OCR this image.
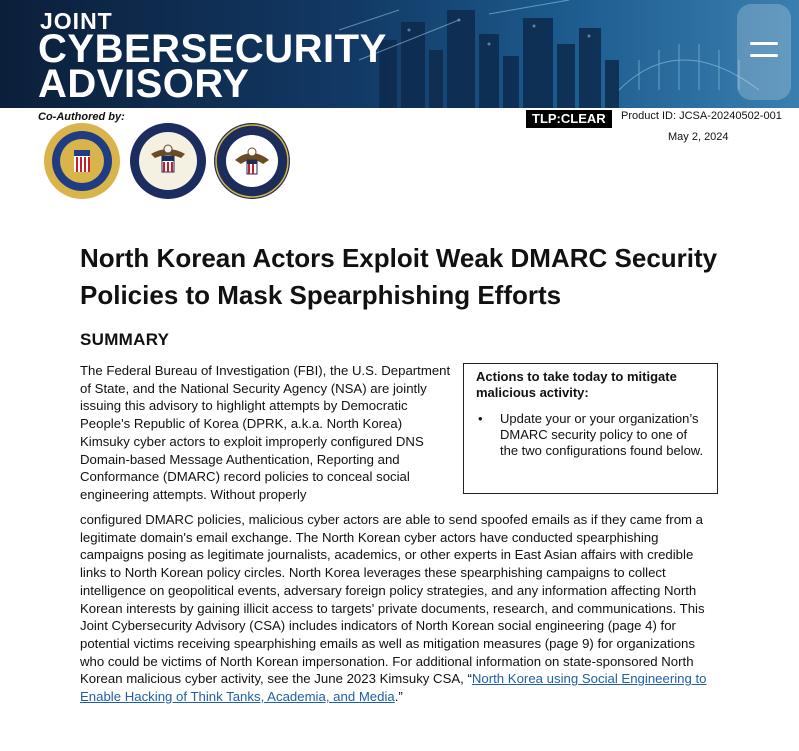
JOINT
CYBERSECURITY
ADVISORY
Co-Authored by:	TLP:CLEAR	Product ID: JCSA-20240502-001
May 2, 2024
North Korean Actors Exploit Weak DMARC Security Policies to Mask Spearphishing Efforts
SUMMARY

The Federal Bureau of Investigation (FBI), the U.S. Department of State, and the National Security Agency (NSA) are jointly issuing this advisory to highlight attempts by Democratic People's Republic of Korea (DPRK, a.k.a. North Korea) Kimsuky cyber actors to exploit improperly configured DNS Domain-based Message Authentication, Reporting and Conformance (DMARC) record policies to conceal social engineering attempts. Without properly

Actions to take today to mitigate malicious activity:
• Update your or your organization’s DMARC security policy to one of the two configurations found below.

configured DMARC policies, malicious cyber actors are able to send spoofed emails as if they came from a legitimate domain's email exchange. The North Korean cyber actors have conducted spearphishing campaigns posing as legitimate journalists, academics, or other experts in East Asian affairs with credible links to North Korean policy circles. North Korea leverages these spearphishing campaigns to collect intelligence on geopolitical events, adversary foreign policy strategies, and any information affecting North Korean interests by gaining illicit access to targets' private documents, research, and communications. This Joint Cybersecurity Advisory (CSA) includes indicators of North Korean social engineering (page 4) for potential victims receiving spearphishing emails as well as mitigation measures (page 9) for organizations who could be victims of North Korean impersonation. For additional information on state-sponsored North Korean malicious cyber activity, see the June 2023 Kimsuky CSA, “North Korea using Social Engineering to Enable Hacking of Think Tanks, Academia, and Media.”
